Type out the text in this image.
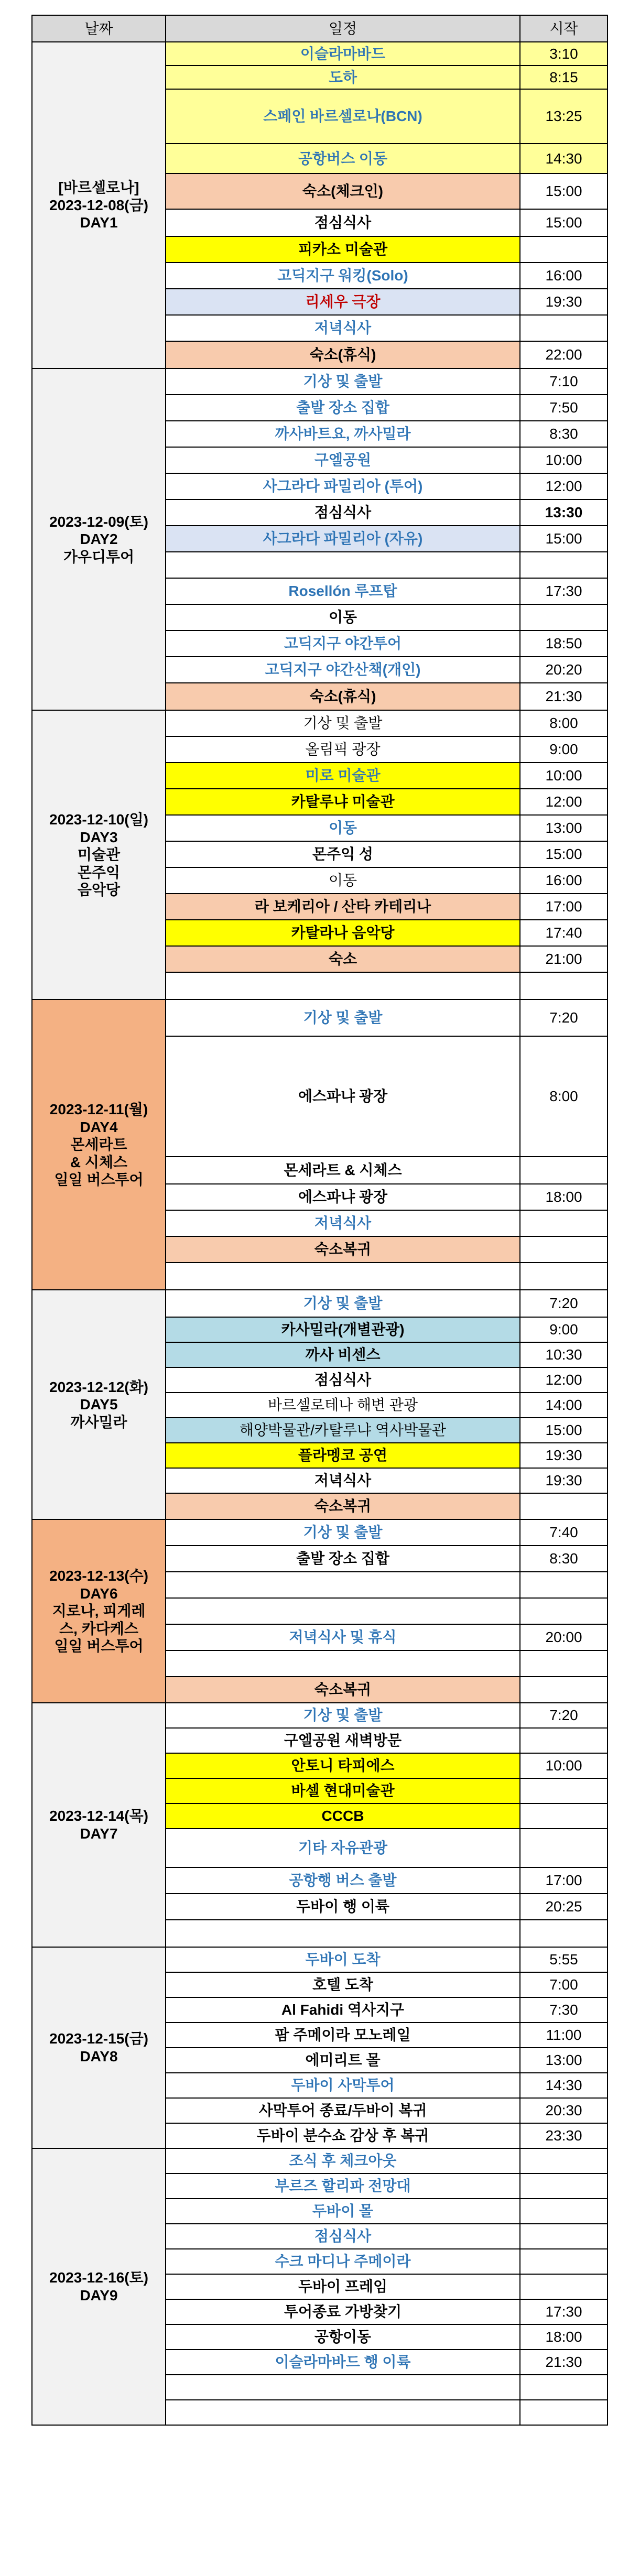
날짜	일정	시작

[바르셀로나]
2023-12-08(금)
DAY1	이슬라마바드	3:10
	도하	8:15
	스페인 바르셀로나(BCN)	13:25
	공항버스 이동	14:30
	숙소(체크인)	15:00
	점심식사	15:00
	피카소 미술관	
	고딕지구 워킹(Solo)	16:00
	리세우 극장	19:30
	저녁식사	
	숙소(휴식)	22:00

2023-12-09(토)
DAY2
가우디투어	기상 및 출발	7:10
	출발 장소 집합	7:50
	까사바트요, 까사밀라	8:30
	구엘공원	10:00
	사그라다 파밀리아 (투어)	12:00
	점심식사	13:30
	사그라다 파밀리아 (자유)	15:00

	Rosellón 루프탑	17:30
	이동	
	고딕지구 야간투어	18:50
	고딕지구 야간산책(개인)	20:20
	숙소(휴식)	21:30

2023-12-10(일)
DAY3
미술관
몬주익
음악당	기상 및 출발	8:00
	올림픽 광장	9:00
	미로 미술관	10:00
	카탈루냐 미술관	12:00
	이동	13:00
	몬주익 성	15:00
	이동	16:00
	라 보케리아 / 산타 카테리나	17:00
	카탈라나 음악당	17:40
	숙소	21:00

2023-12-11(월)
DAY4
몬세라트
& 시체스
일일 버스투어	기상 및 출발	7:20
	에스파냐 광장	8:00
	몬세라트 & 시체스	
	에스파냐 광장	18:00
	저녁식사	
	숙소복귀	

2023-12-12(화)
DAY5
까사밀라	기상 및 출발	7:20
	카사밀라(개별관광)	9:00
	까사 비센스	10:30
	점심식사	12:00
	바르셀로테나 해변 관광	14:00
	해양박물관/카탈루냐 역사박물관	15:00
	플라멩코 공연	19:30
	저녁식사	19:30
	숙소복귀	

2023-12-13(수)
DAY6
지로나, 피게레
스, 카다케스
일일 버스투어	기상 및 출발	7:40
	출발 장소 집합	8:30

	저녁식사 및 휴식	20:00

	숙소복귀	

2023-12-14(목)
DAY7	기상 및 출발	7:20
	구엘공원 새벽방문	
	안토니 타피에스	10:00
	바셀 현대미술관	
	CCCB	
	기타 자유관광	
	공항행 버스 출발	17:00
	두바이 행 이륙	20:25

2023-12-15(금)
DAY8	두바이 도착	5:55
	호텔 도착	7:00
	Al Fahidi 역사지구	7:30
	팜 주메이라 모노레일	11:00
	에미리트 몰	13:00
	두바이 사막투어	14:30
	사막투어 종료/두바이 복귀	20:30
	두바이 분수쇼 감상 후 복귀	23:30

2023-12-16(토)
DAY9	조식 후 체크아웃	
	부르즈 할리파 전망대	
	두바이 몰	
	점심식사	
	수크 마디나 주메이라	
	두바이 프레임	
	투어종료 가방찾기	17:30
	공항이동	18:00
	이슬라마바드 행 이륙	21:30
